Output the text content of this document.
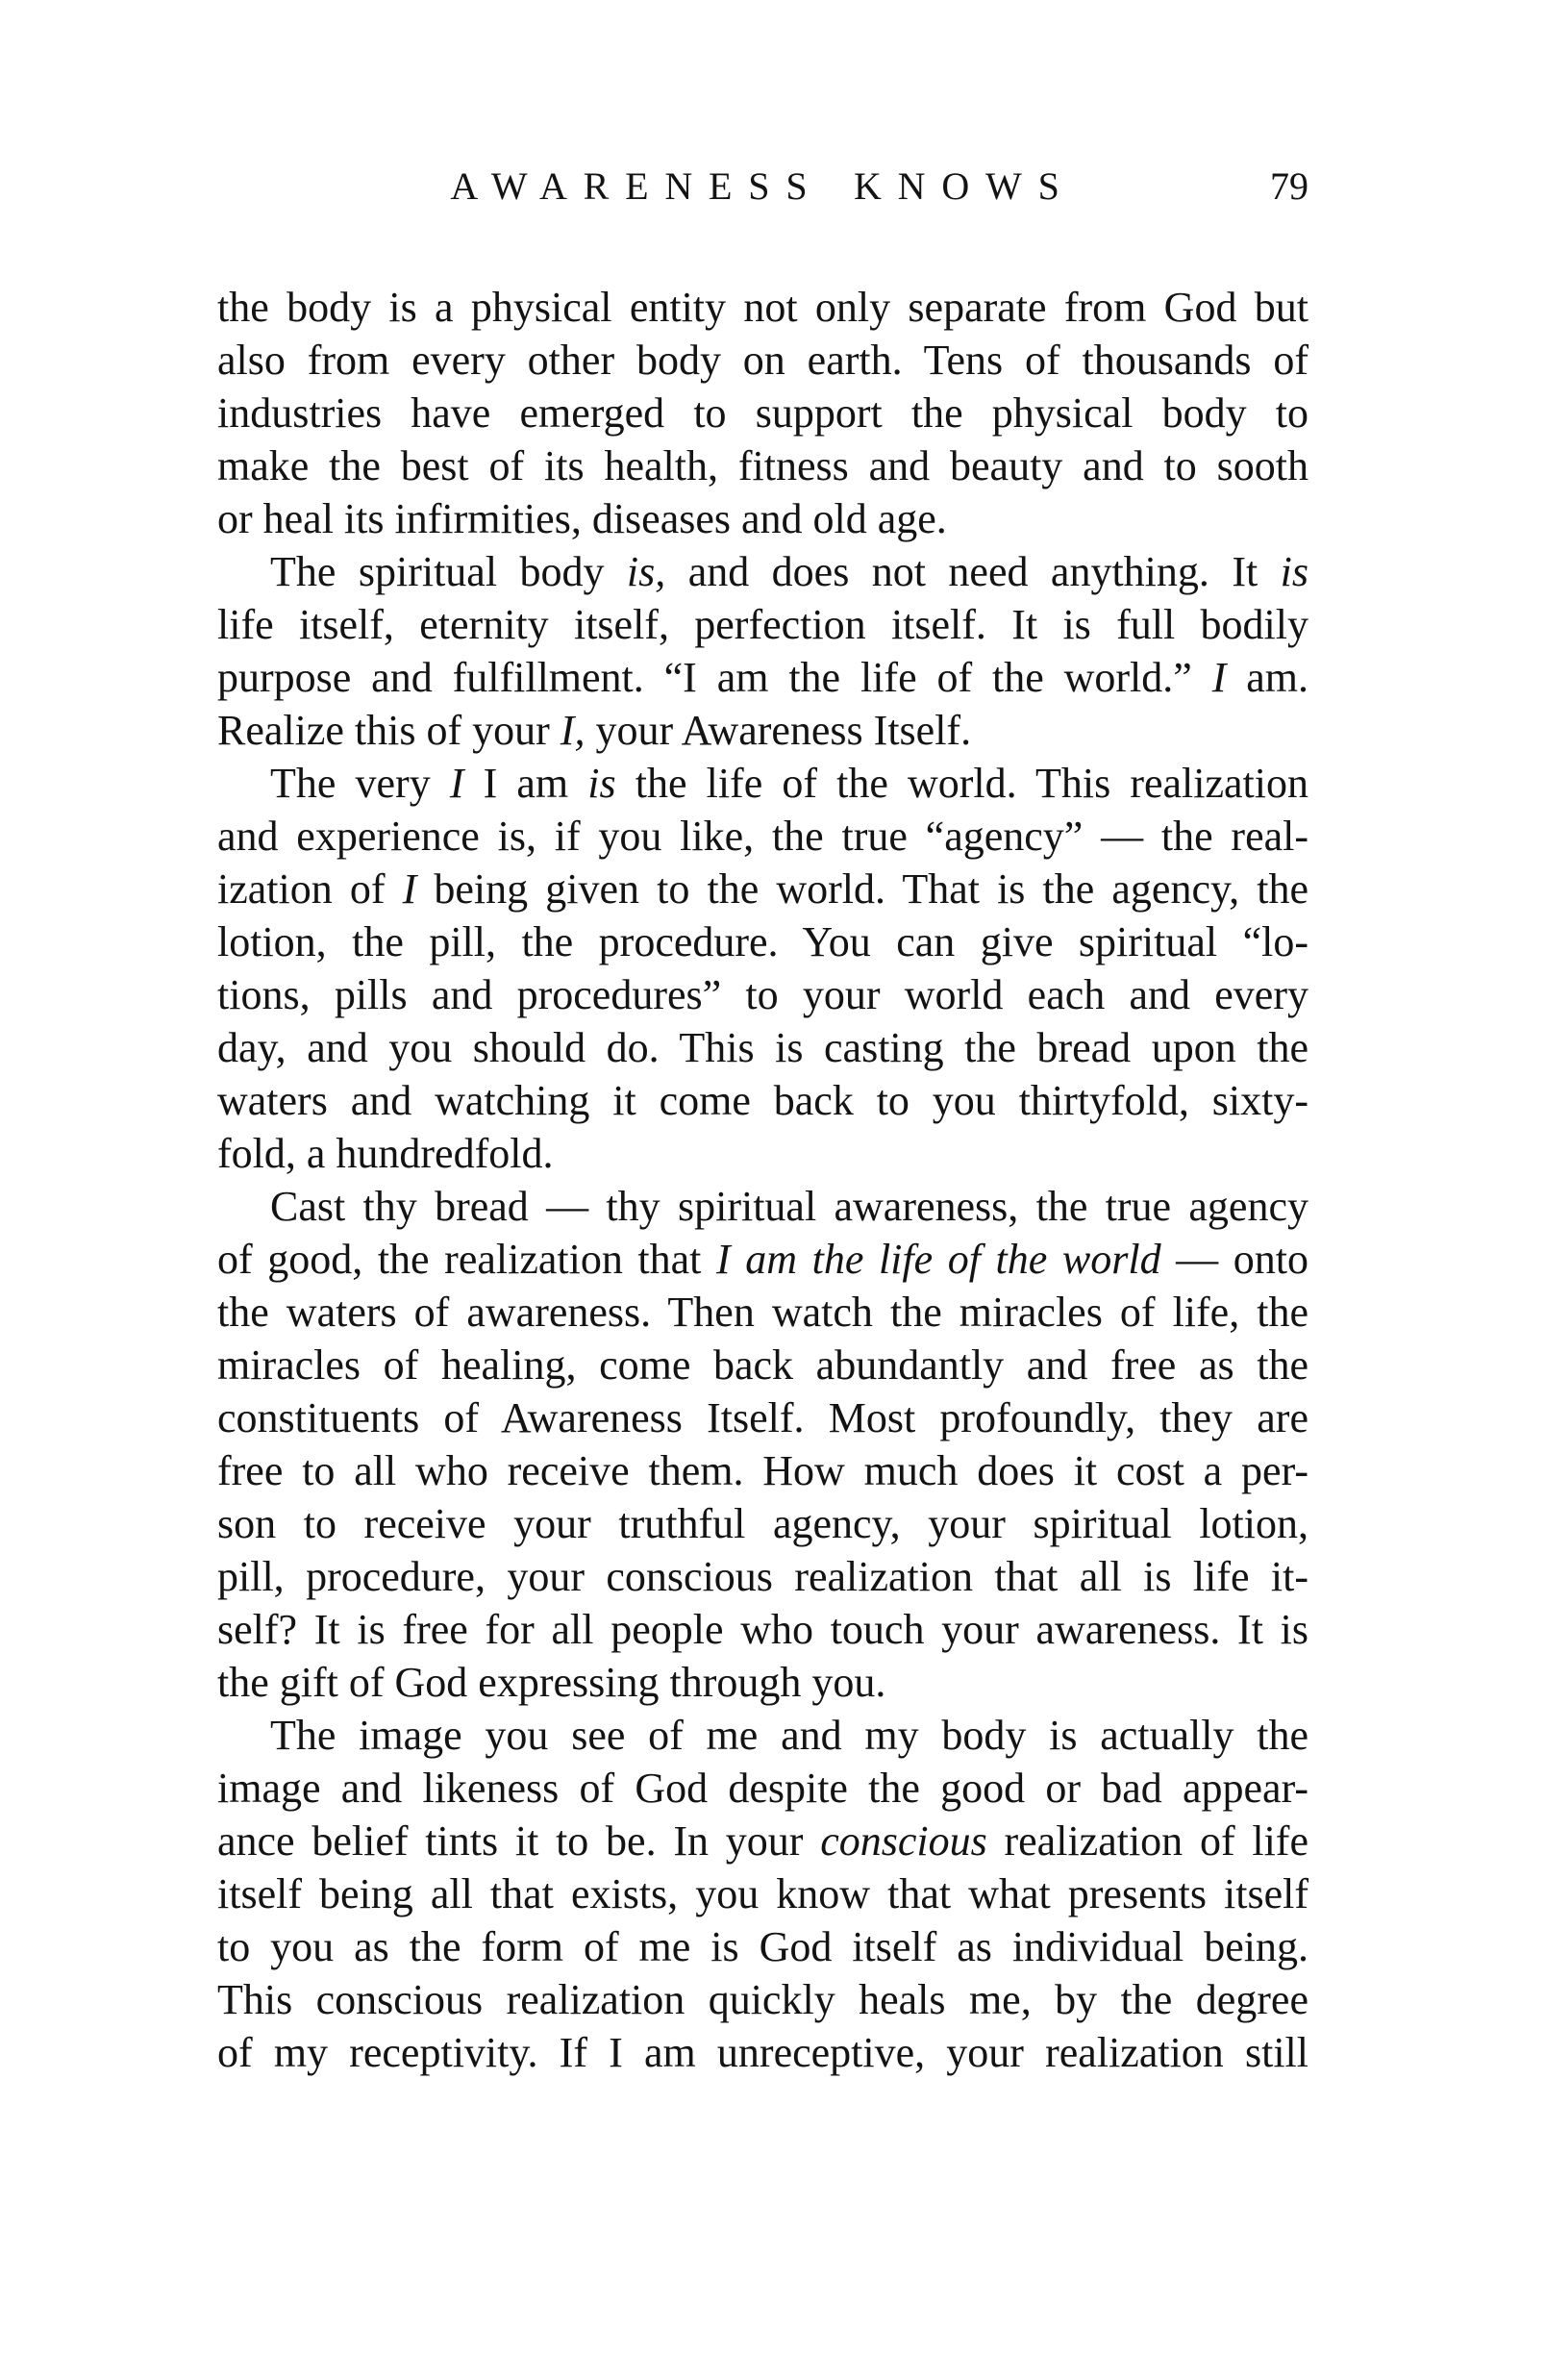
AWARENESS KNOWS	79
the body is a physical entity not only separate from God but
also from every other body on earth. Tens of thousands of
industries have emerged to support the physical body to
make the best of its health, fitness and beauty and to sooth
or heal its infirmities, diseases and old age.
The spiritual body is, and does not need anything. It is
life itself, eternity itself, perfection itself. It is full bodily
purpose and fulfillment. “I am the life of the world.” I am.
Realize this of your I, your Awareness Itself.
The very I I am is the life of the world. This realization
and experience is, if you like, the true “agency” — the real-
ization of I being given to the world. That is the agency, the
lotion, the pill, the procedure. You can give spiritual “lo-
tions, pills and procedures” to your world each and every
day, and you should do. This is casting the bread upon the
waters and watching it come back to you thirtyfold, sixty-
fold, a hundredfold.
Cast thy bread — thy spiritual awareness, the true agency
of good, the realization that I am the life of the world — onto
the waters of awareness. Then watch the miracles of life, the
miracles of healing, come back abundantly and free as the
constituents of Awareness Itself. Most profoundly, they are
free to all who receive them. How much does it cost a per-
son to receive your truthful agency, your spiritual lotion,
pill, procedure, your conscious realization that all is life it-
self? It is free for all people who touch your awareness. It is
the gift of God expressing through you.
The image you see of me and my body is actually the
image and likeness of God despite the good or bad appear-
ance belief tints it to be. In your conscious realization of life
itself being all that exists, you know that what presents itself
to you as the form of me is God itself as individual being.
This conscious realization quickly heals me, by the degree
of my receptivity. If I am unreceptive, your realization still
